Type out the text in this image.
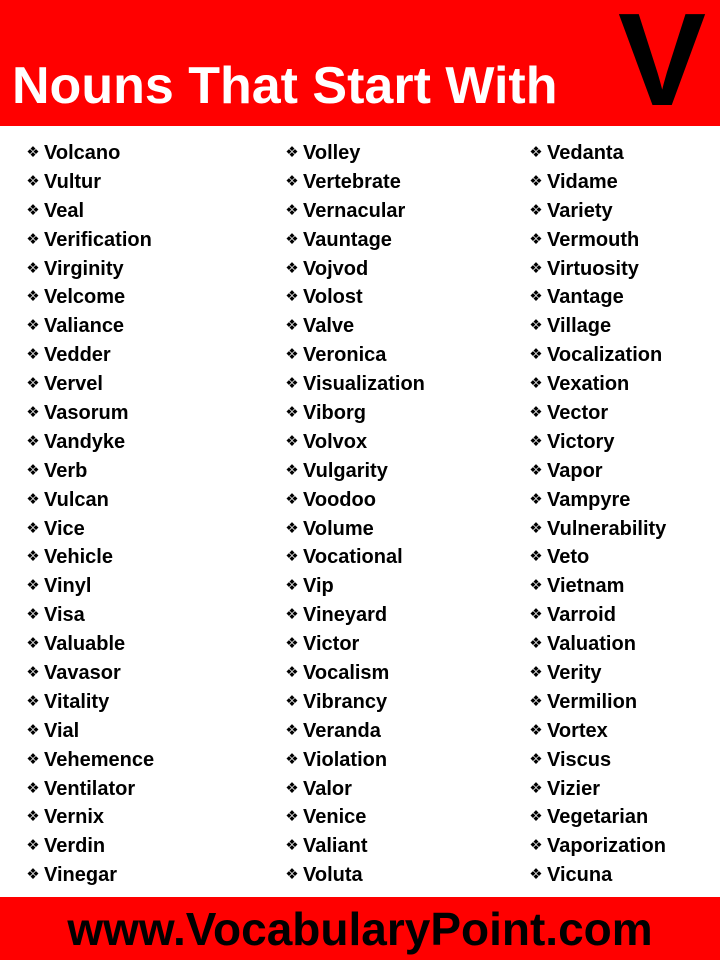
Nouns That Start With V
❖ Volcano
❖ Vultur
❖ Veal
❖ Verification
❖ Virginity
❖ Velcome
❖ Valiance
❖ Vedder
❖ Vervel
❖ Vasorum
❖ Vandyke
❖ Verb
❖ Vulcan
❖ Vice
❖ Vehicle
❖ Vinyl
❖ Visa
❖ Valuable
❖ Vavasor
❖ Vitality
❖ Vial
❖ Vehemence
❖ Ventilator
❖ Vernix
❖ Verdin
❖ Vinegar
❖ Volley
❖ Vertebrate
❖ Vernacular
❖ Vauntage
❖ Vojvod
❖ Volost
❖ Valve
❖ Veronica
❖ Visualization
❖ Viborg
❖ Volvox
❖ Vulgarity
❖ Voodoo
❖ Volume
❖ Vocational
❖ Vip
❖ Vineyard
❖ Victor
❖ Vocalism
❖ Vibrancy
❖ Veranda
❖ Violation
❖ Valor
❖ Venice
❖ Valiant
❖ Voluta
❖ Vedanta
❖ Vidame
❖ Variety
❖ Vermouth
❖ Virtuosity
❖ Vantage
❖ Village
❖ Vocalization
❖ Vexation
❖ Vector
❖ Victory
❖ Vapor
❖ Vampyre
❖ Vulnerability
❖ Veto
❖ Vietnam
❖ Varroid
❖ Valuation
❖ Verity
❖ Vermilion
❖ Vortex
❖ Viscus
❖ Vizier
❖ Vegetarian
❖ Vaporization
❖ Vicuna
www.VocabularyPoint.com
